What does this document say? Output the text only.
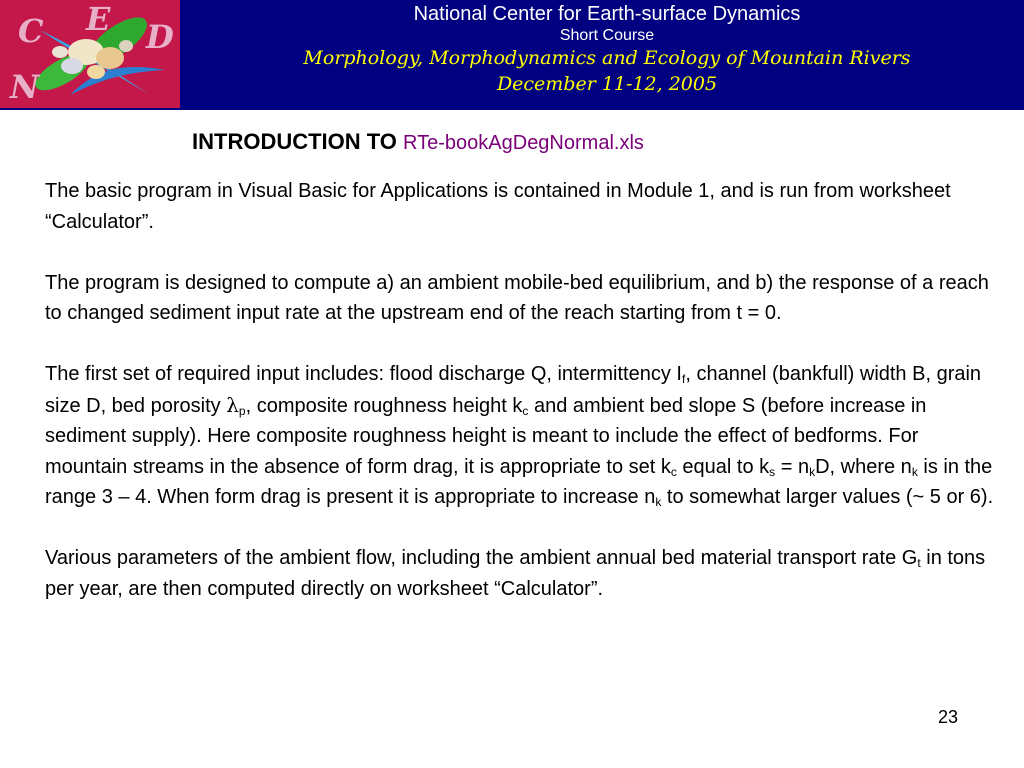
C E D
N
National Center for Earth-surface Dynamics
Short Course
Morphology, Morphodynamics and Ecology of Mountain Rivers
December 11-12, 2005
INTRODUCTION TO RTe-bookAgDegNormal.xls

The basic program in Visual Basic for Applications is contained in Module 1, and is run from worksheet “Calculator”.

The program is designed to compute a) an ambient mobile-bed equilibrium, and b) the response of a reach to changed sediment input rate at the upstream end of the reach starting from t = 0.

The first set of required input includes: flood discharge Q, intermittency $I_f$, channel (bankfull) width B, grain size D, bed porosity $\lambda_p$, composite roughness height $k_c$ and ambient bed slope S (before increase in sediment supply). Here composite roughness height is meant to include the effect of bedforms. For mountain streams in the absence of form drag, it is appropriate to set $k_c$ equal to $k_s = n_kD$, where $n_k$ is in the range 3 – 4. When form drag is present it is appropriate to increase $n_k$ to somewhat larger values (~ 5 or 6).

Various parameters of the ambient flow, including the ambient annual bed material transport rate $G_t$ in tons per year, are then computed directly on worksheet “Calculator”.

23
